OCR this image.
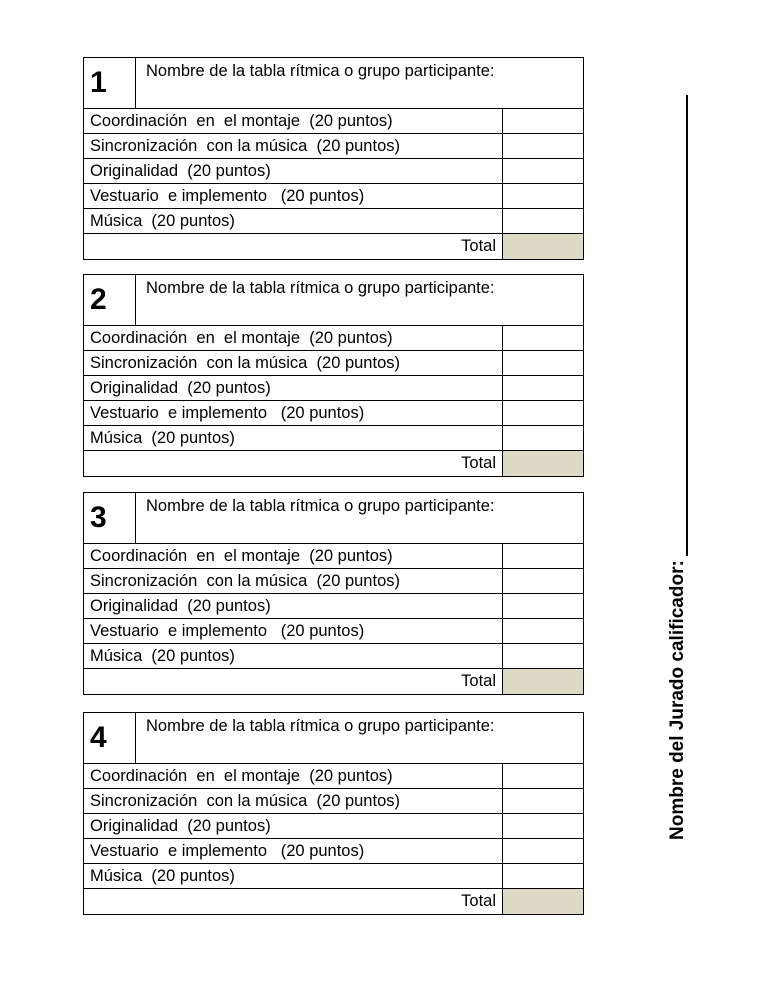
1	Nombre de la tabla rítmica o grupo participante:
Coordinación  en  el montaje  (20 puntos)
Sincronización  con la música  (20 puntos)
Originalidad  (20 puntos)
Vestuario  e implemento   (20 puntos)
Música  (20 puntos)
Total
2	Nombre de la tabla rítmica o grupo participante:
Coordinación  en  el montaje  (20 puntos)
Sincronización  con la música  (20 puntos)
Originalidad  (20 puntos)
Vestuario  e implemento   (20 puntos)
Música  (20 puntos)
Total
3	Nombre de la tabla rítmica o grupo participante:
Coordinación  en  el montaje  (20 puntos)
Sincronización  con la música  (20 puntos)
Originalidad  (20 puntos)
Vestuario  e implemento   (20 puntos)
Música  (20 puntos)
Total
4	Nombre de la tabla rítmica o grupo participante:
Coordinación  en  el montaje  (20 puntos)
Sincronización  con la música  (20 puntos)
Originalidad  (20 puntos)
Vestuario  e implemento   (20 puntos)
Música  (20 puntos)
Total
Nombre del Jurado calificador:
